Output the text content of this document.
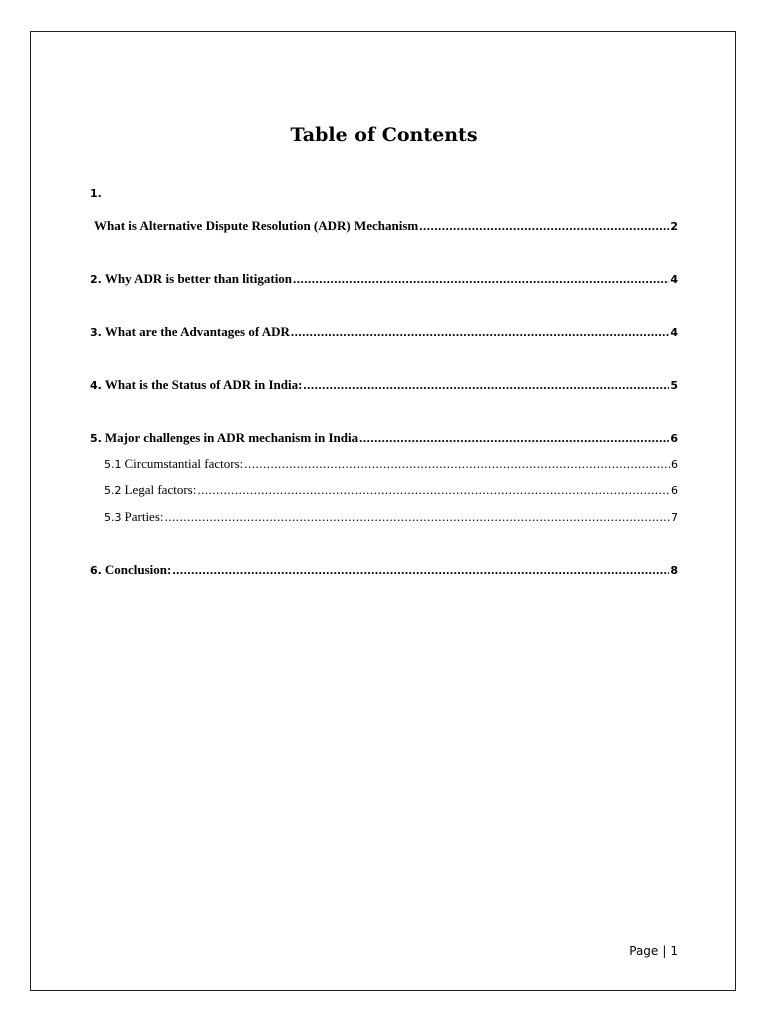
Table of Contents
1.
What is Alternative Dispute Resolution (ADR) Mechanism .....	2
2. Why ADR is better than litigation .....	4
3. What are the Advantages of ADR .....	4
4. What is the Status of ADR in India: .....	5
5. Major challenges in ADR mechanism in India .....	6
5.1 Circumstantial factors: .....	6
5.2 Legal factors: .....	6
5.3 Parties: .....	7
6. Conclusion: .....	8
Page | 1
